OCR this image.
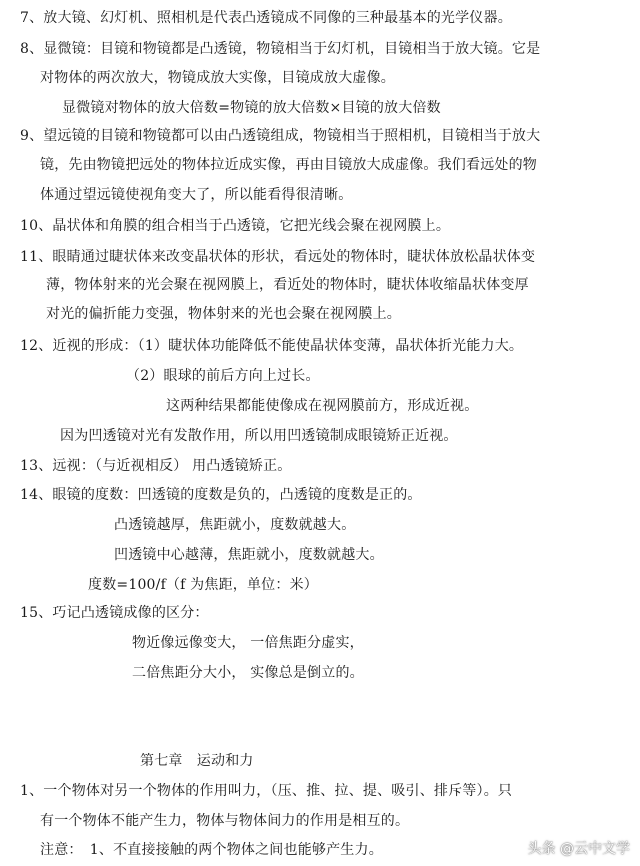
7、放大镜、幻灯机、照相机是代表凸透镜成不同像的三种最基本的光学仪器。
8、显微镜：目镜和物镜都是凸透镜，物镜相当于幻灯机，目镜相当于放大镜。它是
对物体的两次放大，物镜成放大实像，目镜成放大虚像。
显微镜对物体的放大倍数=物镜的放大倍数×目镜的放大倍数
9、望远镜的目镜和物镜都可以由凸透镜组成，物镜相当于照相机，目镜相当于放大
镜，先由物镜把远处的物体拉近成实像，再由目镜放大成虚像。我们看远处的物
体通过望远镜使视角变大了，所以能看得很清晰。
10、晶状体和角膜的组合相当于凸透镜，它把光线会聚在视网膜上。
11、眼睛通过睫状体来改变晶状体的形状，看远处的物体时，睫状体放松晶状体变
薄，物体射来的光会聚在视网膜上，看近处的物体时，睫状体收缩晶状体变厚
对光的偏折能力变强，物体射来的光也会聚在视网膜上。
12、近视的形成：（1）睫状体功能降低不能使晶状体变薄，晶状体折光能力大。
（2）眼球的前后方向上过长。
这两种结果都能使像成在视网膜前方，形成近视。
因为凹透镜对光有发散作用，所以用凹透镜制成眼镜矫正近视。
13、远视：（与近视相反） 用凸透镜矫正。
14、眼镜的度数：凹透镜的度数是负的，凸透镜的度数是正的。
凸透镜越厚，焦距就小，度数就越大。
凹透镜中心越薄，焦距就小，度数就越大。
度数=100/f（f 为焦距，单位：米）
15、巧记凸透镜成像的区分：
物近像远像变大， 一倍焦距分虚实，
二倍焦距分大小， 实像总是倒立的。
第七章　运动和力
1、一个物体对另一个物体的作用叫力，（压、推、拉、提、吸引、排斥等）。只
有一个物体不能产生力，物体与物体间力的作用是相互的。
注意：　1、不直接接触的两个物体之间也能够产生力。	头条 @云中文学
